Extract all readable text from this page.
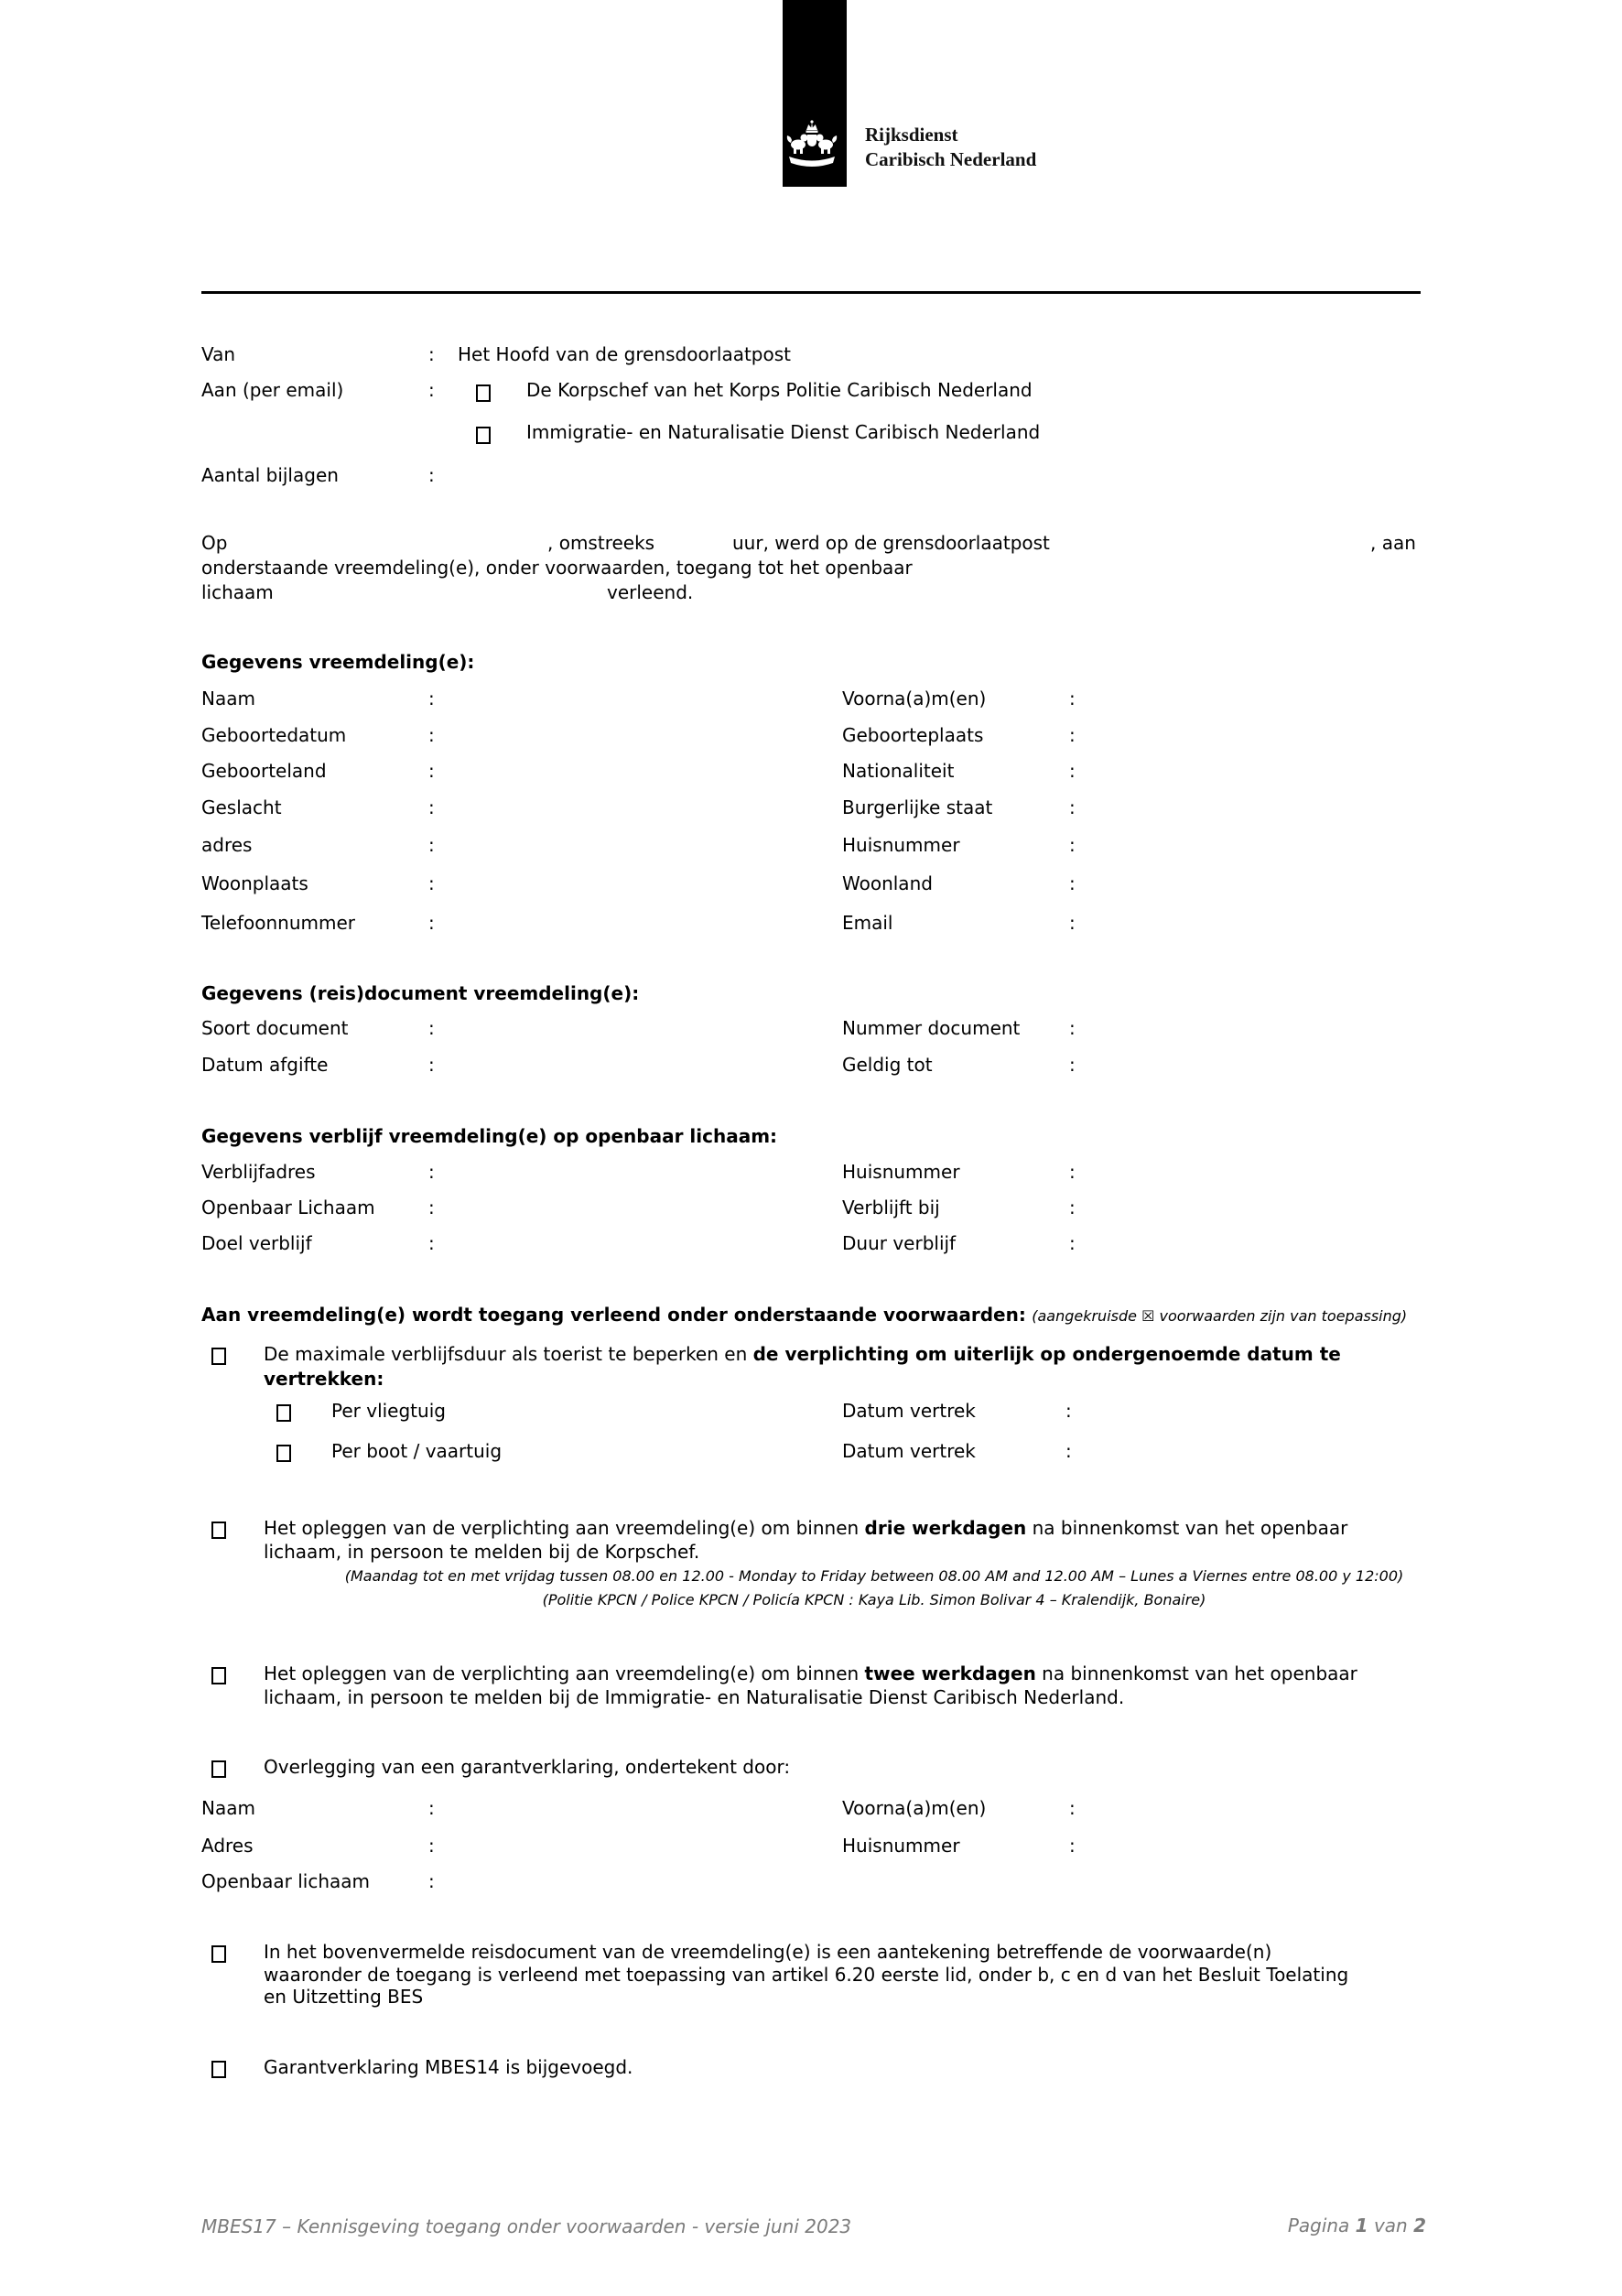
Rijksdienst
Caribisch Nederland
Van	: Het Hoofd van de grensdoorlaatpost
Aan (per email)	:	De Korpschef van het Korps Politie Caribisch Nederland
Immigratie- en Naturalisatie Dienst Caribisch Nederland
Aantal bijlagen	:
Op	, omstreeks	uur, werd op de grensdoorlaatpost	, aan
onderstaande vreemdeling(e), onder voorwaarden, toegang tot het openbaar
lichaam	verleend.
Gegevens vreemdeling(e):
Naam	:	Voorna(a)m(en)	:
Geboortedatum	:	Geboorteplaats	:
Geboorteland	:	Nationaliteit	:
Geslacht	:	Burgerlijke staat	:
adres	:	Huisnummer	:
Woonplaats	:	Woonland	:
Telefoonnummer	:	Email	:
Gegevens (reis)document vreemdeling(e):
Soort document	:	Nummer document	:
Datum afgifte	:	Geldig tot	:
Gegevens verblijf vreemdeling(e) op openbaar lichaam:
Verblijfadres	:	Huisnummer	:
Openbaar Lichaam	:	Verblijft bij	:
Doel verblijf	:	Duur verblijf	:
Aan vreemdeling(e) wordt toegang verleend onder onderstaande voorwaarden: (aangekruisde ☒ voorwaarden zijn van toepassing)
De maximale verblijfsduur als toerist te beperken en de verplichting om uiterlijk op ondergenoemde datum te
vertrekken:
Per vliegtuig	Datum vertrek	:
Per boot / vaartuig	Datum vertrek	:
Het opleggen van de verplichting aan vreemdeling(e) om binnen drie werkdagen na binnenkomst van het openbaar
lichaam, in persoon te melden bij de Korpschef.
(Maandag tot en met vrijdag tussen 08.00 en 12.00 - Monday to Friday between 08.00 AM and 12.00 AM – Lunes a Viernes entre 08.00 y 12:00)
(Politie KPCN / Police KPCN / Policía KPCN : Kaya Lib. Simon Bolivar 4 – Kralendijk, Bonaire)
Het opleggen van de verplichting aan vreemdeling(e) om binnen twee werkdagen na binnenkomst van het openbaar
lichaam, in persoon te melden bij de Immigratie- en Naturalisatie Dienst Caribisch Nederland.
Overlegging van een garantverklaring, ondertekent door:
Naam	:	Voorna(a)m(en)	:
Adres	:	Huisnummer	:
Openbaar lichaam	:
In het bovenvermelde reisdocument van de vreemdeling(e) is een aantekening betreffende de voorwaarde(n)
waaronder de toegang is verleend met toepassing van artikel 6.20 eerste lid, onder b, c en d van het Besluit Toelating
en Uitzetting BES
Garantverklaring MBES14 is bijgevoegd.
MBES17 – Kennisgeving toegang onder voorwaarden - versie juni 2023	Pagina 1 van 2
